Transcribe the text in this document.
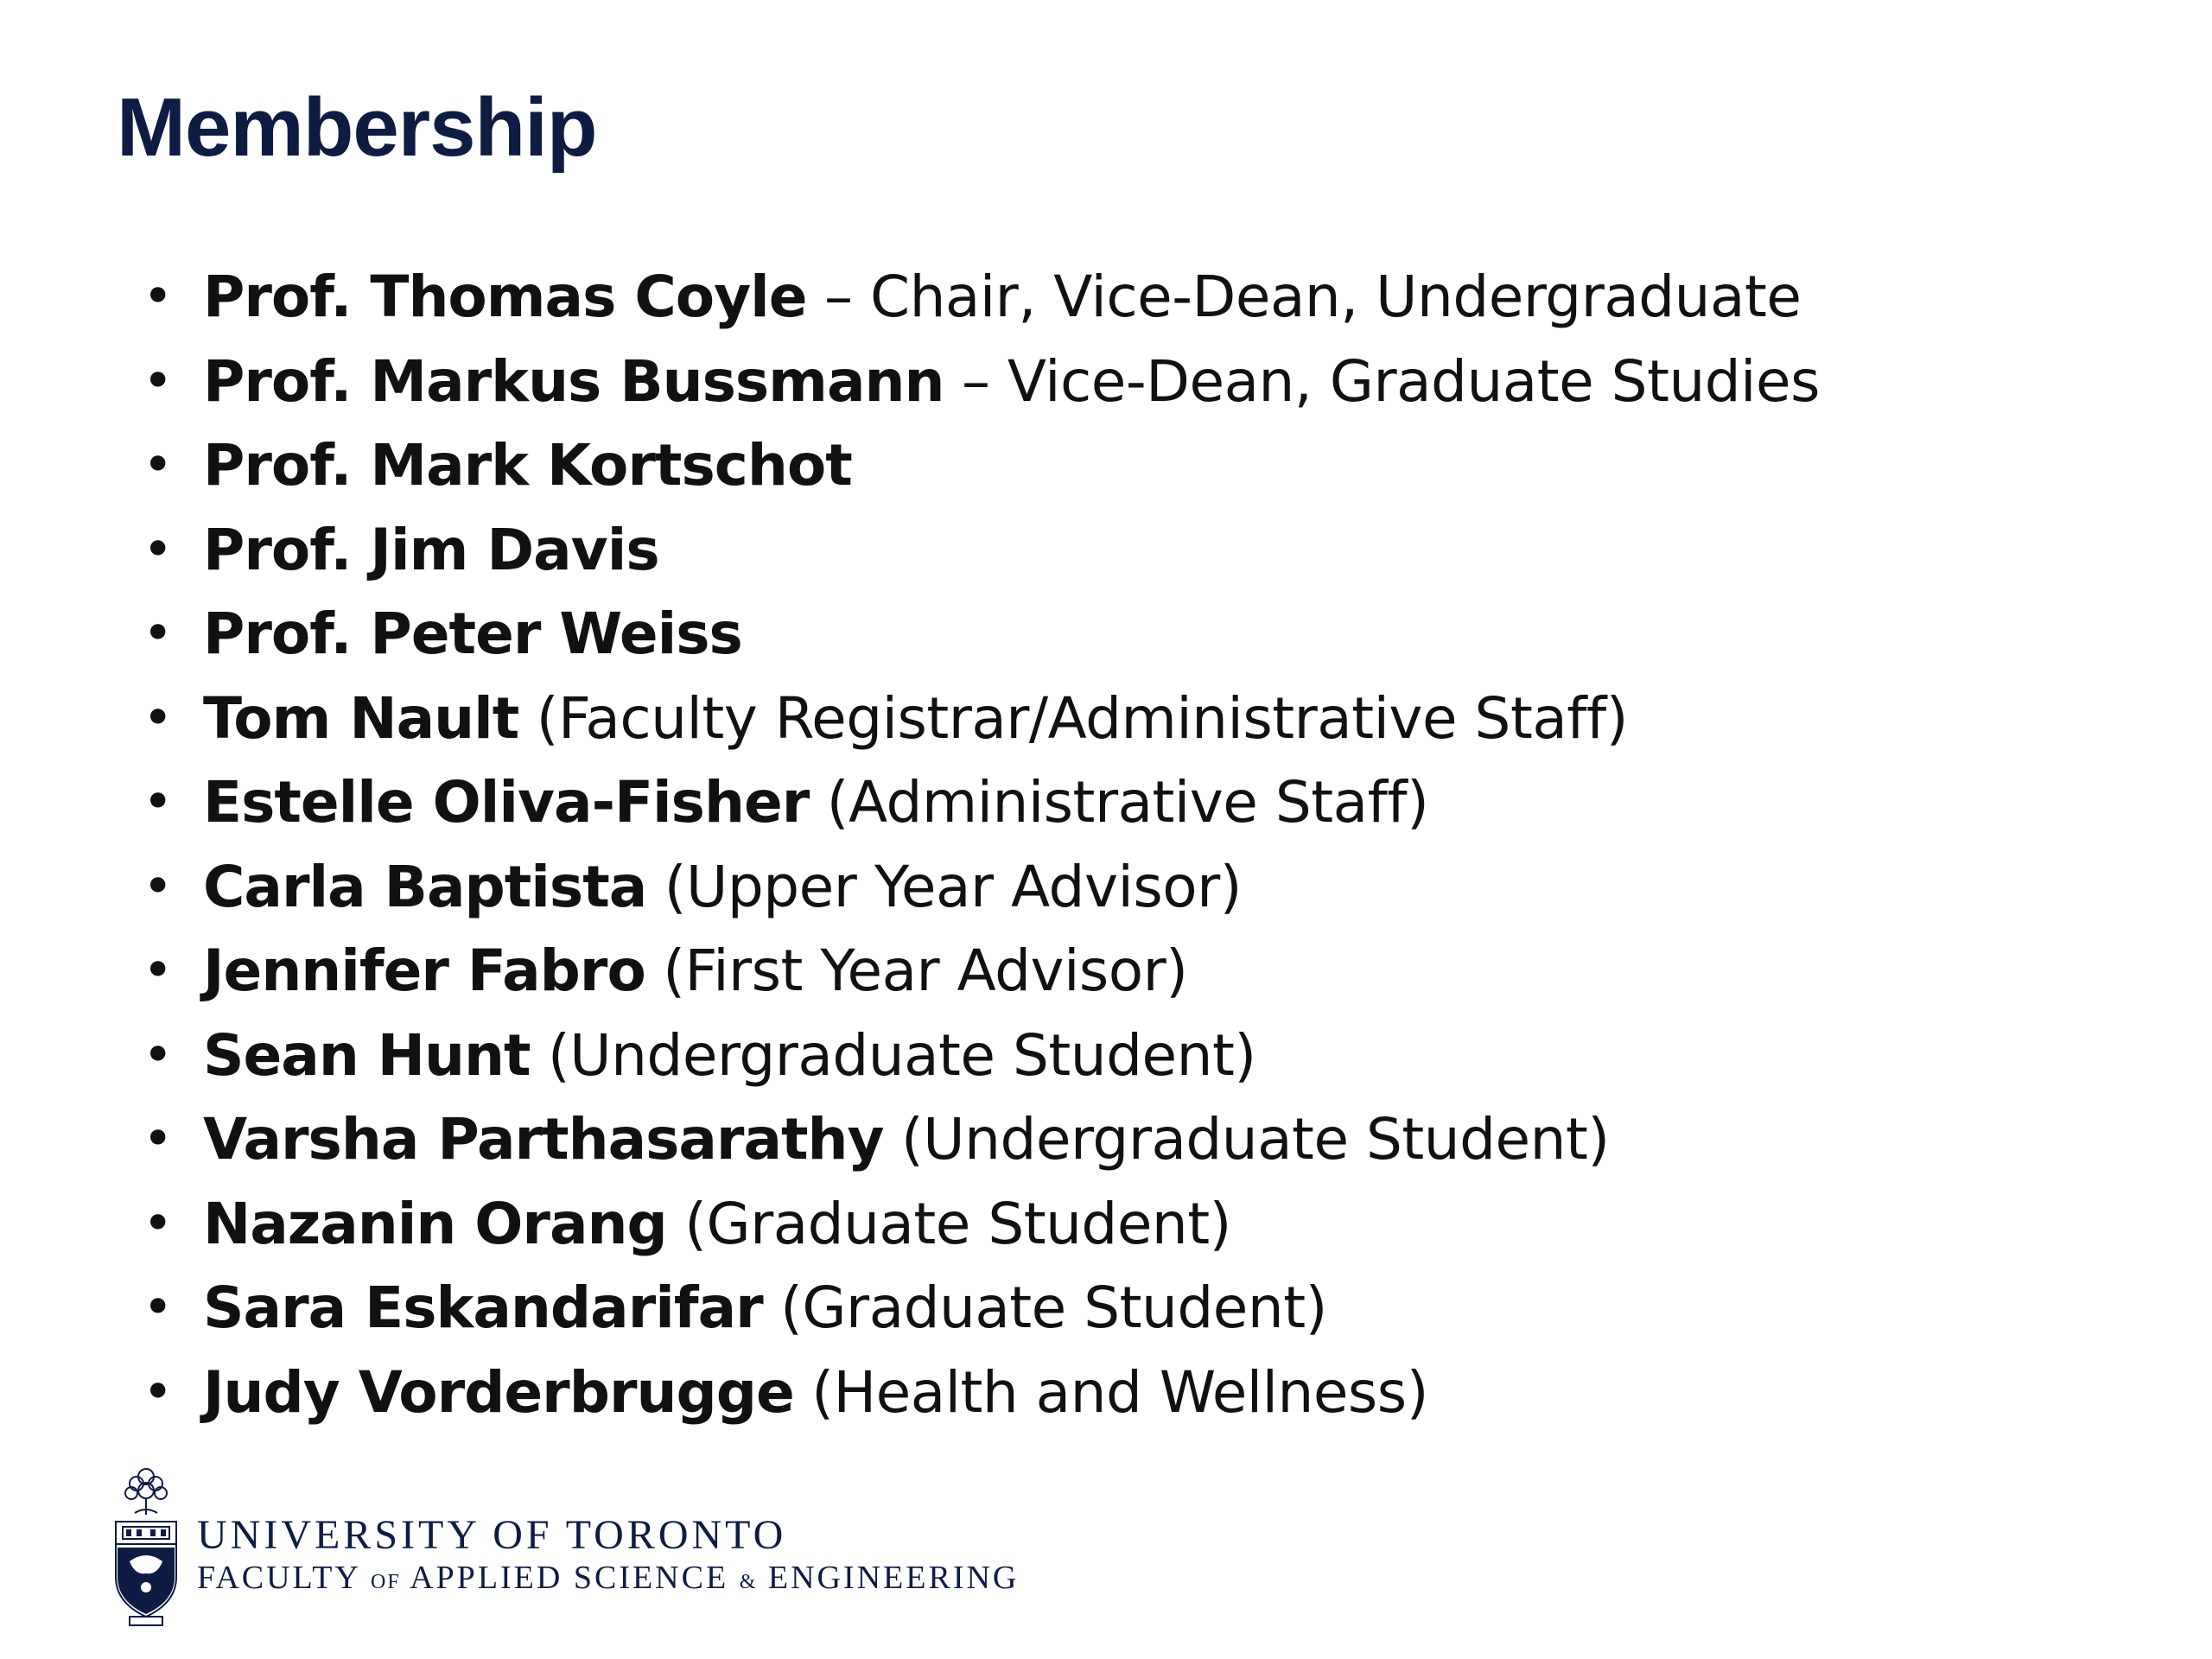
Membership
• Prof. Thomas Coyle – Chair, Vice-Dean, Undergraduate
• Prof. Markus Bussmann – Vice-Dean, Graduate Studies
• Prof. Mark Kortschot
• Prof. Jim Davis
• Prof. Peter Weiss
• Tom Nault (Faculty Registrar/Administrative Staff)
• Estelle Oliva-Fisher (Administrative Staff)
• Carla Baptista (Upper Year Advisor)
• Jennifer Fabro (First Year Advisor)
• Sean Hunt (Undergraduate Student)
• Varsha Parthasarathy (Undergraduate Student)
• Nazanin Orang (Graduate Student)
• Sara Eskandarifar (Graduate Student)
• Judy Vorderbrugge (Health and Wellness)
UNIVERSITY OF TORONTO
FACULTY OF APPLIED SCIENCE & ENGINEERING
